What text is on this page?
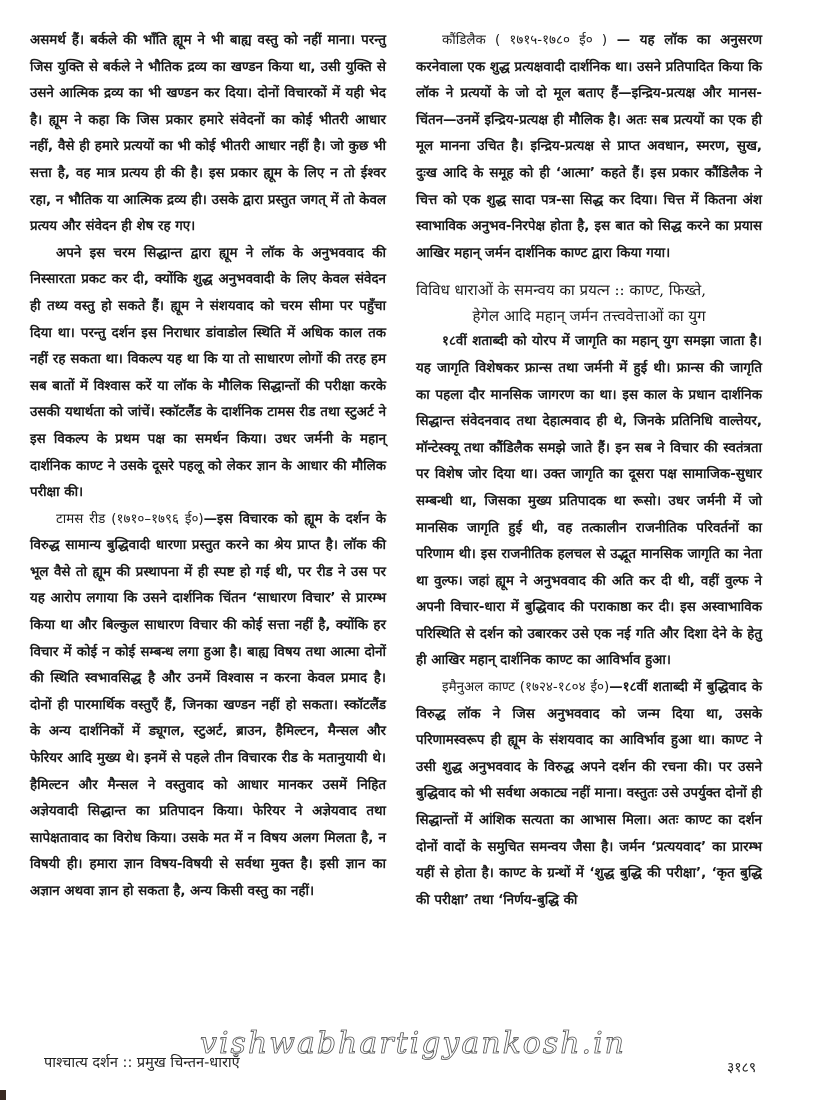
असमर्थ हैं। बर्कले की भाँति ह्यूम ने भी बाह्य वस्तु को नहीं माना। परन्तु जिस युक्ति से बर्कले ने भौतिक द्रव्य का खण्डन किया था, उसी युक्ति से उसने आत्मिक द्रव्य का भी खण्डन कर दिया। दोनों विचारकों में यही भेद है। ह्यूम ने कहा कि जिस प्रकार हमारे संवेदनों का कोई भीतरी आधार नहीं, वैसे ही हमारे प्रत्ययों का भी कोई भीतरी आधार नहीं है। जो कुछ भी सत्ता है, वह मात्र प्रत्यय ही की है। इस प्रकार ह्यूम के लिए न तो ईश्वर रहा, न भौतिक या आत्मिक द्रव्य ही। उसके द्वारा प्रस्तुत जगत् में तो केवल प्रत्यय और संवेदन ही शेष रह गए।

अपने इस चरम सिद्धान्त द्वारा ह्यूम ने लॉक के अनुभववाद की निस्सारता प्रकट कर दी, क्योंकि शुद्ध अनुभववादी के लिए केवल संवेदन ही तथ्य वस्तु हो सकते हैं। ह्यूम ने संशयवाद को चरम सीमा पर पहुँचा दिया था। परन्तु दर्शन इस निराधार डांवाडोल स्थिति में अधिक काल तक नहीं रह सकता था। विकल्प यह था कि या तो साधारण लोगों की तरह हम सब बातों में विश्वास करें या लॉक के मौलिक सिद्धान्तों की परीक्षा करके उसकी यथार्थता को जांचें। स्कॉटलैंड के दार्शनिक टामस रीड तथा स्टुअर्ट ने इस विकल्प के प्रथम पक्ष का समर्थन किया। उधर जर्मनी के महान् दार्शनिक काण्ट ने उसके दूसरे पहलू को लेकर ज्ञान के आधार की मौलिक परीक्षा की।

टामस रीड (१७१०–१७९६ ई०)—इस विचारक को ह्यूम के दर्शन के विरुद्ध सामान्य बुद्धिवादी धारणा प्रस्तुत करने का श्रेय प्राप्त है। लॉक की भूल वैसे तो ह्यूम की प्रस्थापना में ही स्पष्ट हो गई थी, पर रीड ने उस पर यह आरोप लगाया कि उसने दार्शनिक चिंतन ‘साधारण विचार’ से प्रारम्भ किया था और बिल्कुल साधारण विचार की कोई सत्ता नहीं है, क्योंकि हर विचार में कोई न कोई सम्बन्ध लगा हुआ है। बाह्य विषय तथा आत्मा दोनों की स्थिति स्वभावसिद्ध है और उनमें विश्वास न करना केवल प्रमाद है। दोनों ही पारमार्थिक वस्तुएँ हैं, जिनका खण्डन नहीं हो सकता। स्कॉटलैंड के अन्य दार्शनिकों में ड्यूगल, स्टुअर्ट, ब्राउन, हैमिल्टन, मैन्सल और फेरियर आदि मुख्य थे। इनमें से पहले तीन विचारक रीड के मतानुयायी थे। हैमिल्टन और मैन्सल ने वस्तुवाद को आधार मानकर उसमें निहित अज्ञेयवादी सिद्धान्त का प्रतिपादन किया। फेरियर ने अज्ञेयवाद तथा सापेक्षतावाद का विरोध किया। उसके मत में न विषय अलग मिलता है, न विषयी ही। हमारा ज्ञान विषय-विषयी से सर्वथा मुक्त है। इसी ज्ञान का अज्ञान अथवा ज्ञान हो सकता है, अन्य किसी वस्तु का नहीं।

कौंडिलैक ( १७१५-१७८० ई० ) — यह लॉक का अनुसरण करनेवाला एक शुद्ध प्रत्यक्षवादी दार्शनिक था। उसने प्रतिपादित किया कि लॉक ने प्रत्ययों के जो दो मूल बताए हैं—इन्द्रिय-प्रत्यक्ष और मानस-चिंतन—उनमें इन्द्रिय-प्रत्यक्ष ही मौलिक है। अतः सब प्रत्ययों का एक ही मूल मानना उचित है। इन्द्रिय-प्रत्यक्ष से प्राप्त अवधान, स्मरण, सुख, दुःख आदि के समूह को ही ‘आत्मा’ कहते हैं। इस प्रकार कौंडिलैक ने चित्त को एक शुद्ध सादा पत्र-सा सिद्ध कर दिया। चित्त में कितना अंश स्वाभाविक अनुभव-निरपेक्ष होता है, इस बात को सिद्ध करने का प्रयास आखिर महान् जर्मन दार्शनिक काण्ट द्वारा किया गया।

विविध धाराओं के समन्वय का प्रयत्न :: काण्ट, फिख्ते,
हेगेल आदि महान् जर्मन तत्त्ववेत्ताओं का युग

१८वीं शताब्दी को योरप में जागृति का महान् युग समझा जाता है। यह जागृति विशेषकर फ्रान्स तथा जर्मनी में हुई थी। फ्रान्स की जागृति का पहला दौर मानसिक जागरण का था। इस काल के प्रधान दार्शनिक सिद्धान्त संवेदनवाद तथा देहात्मवाद ही थे, जिनके प्रतिनिधि वाल्तेयर, मॉन्टेस्क्यू तथा कौंडिलैक समझे जाते हैं। इन सब ने विचार की स्वतंत्रता पर विशेष जोर दिया था। उक्त जागृति का दूसरा पक्ष सामाजिक-सुधार सम्बन्धी था, जिसका मुख्य प्रतिपादक था रूसो। उधर जर्मनी में जो मानसिक जागृति हुई थी, वह तत्कालीन राजनीतिक परिवर्तनों का परिणाम थी। इस राजनीतिक हलचल से उद्भूत मानसिक जागृति का नेता था वुल्फ। जहां ह्यूम ने अनुभववाद की अति कर दी थी, वहीं वुल्फ ने अपनी विचार-धारा में बुद्धिवाद की पराकाष्ठा कर दी। इस अस्वाभाविक परिस्थिति से दर्शन को उबारकर उसे एक नई गति और दिशा देने के हेतु ही आखिर महान् दार्शनिक काण्ट का आविर्भाव हुआ।

इमैनुअल काण्ट (१७२४-१८०४ ई०)—१८वीं शताब्दी में बुद्धिवाद के विरुद्ध लॉक ने जिस अनुभववाद को जन्म दिया था, उसके परिणामस्वरूप ही ह्यूम के संशयवाद का आविर्भाव हुआ था। काण्ट ने उसी शुद्ध अनुभववाद के विरुद्ध अपने दर्शन की रचना की। पर उसने बुद्धिवाद को भी सर्वथा अकाट्य नहीं माना। वस्तुतः उसे उपर्युक्त दोनों ही सिद्धान्तों में आंशिक सत्यता का आभास मिला। अतः काण्ट का दर्शन दोनों वादों के समुचित समन्वय जैसा है। जर्मन ‘प्रत्ययवाद’ का प्रारम्भ यहीं से होता है। काण्ट के ग्रन्थों में ‘शुद्ध बुद्धि की परीक्षा’, ‘कृत बुद्धि की परीक्षा’ तथा ‘निर्णय-बुद्धि की

vishwabhartigyankosh.in
पाश्चात्य दर्शन :: प्रमुख चिन्तन-धाराएँ	३१८९
